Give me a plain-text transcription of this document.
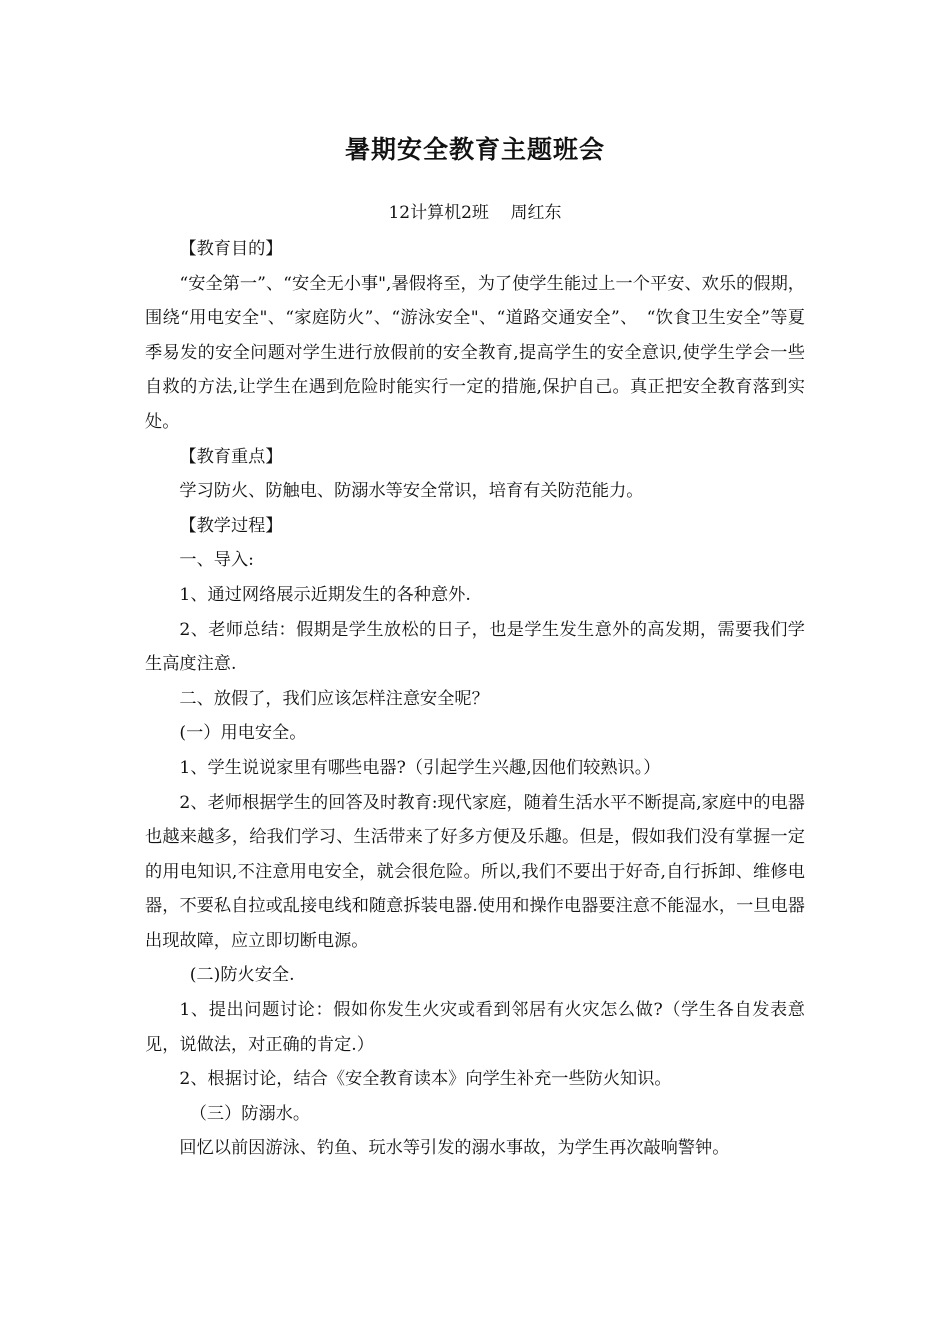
暑期安全教育主题班会
12计算机2班    周红东

【教育目的】

“安全第一”、“安全无小事",暑假将至，为了使学生能过上一个平安、欢乐的假期，围绕“用电安全"、“家庭防火”、“游泳安全"、“道路交通安全”、　“饮食卫生安全”等夏季易发的安全问题对学生进行放假前的安全教育,提高学生的安全意识,使学生学会一些自救的方法,让学生在遇到危险时能实行一定的措施,保护自己。真正把安全教育落到实处。

【教育重点】

学习防火、防触电、防溺水等安全常识，培育有关防范能力。

【教学过程】

一、导入:

1、通过网络展示近期发生的各种意外.

2、老师总结：假期是学生放松的日子，也是学生发生意外的高发期，需要我们学生高度注意.

二、放假了，我们应该怎样注意安全呢？

(一）用电安全。

1、学生说说家里有哪些电器?（引起学生兴趣,因他们较熟识。）

2、老师根据学生的回答及时教育:现代家庭，随着生活水平不断提高,家庭中的电器也越来越多，给我们学习、生活带来了好多方便及乐趣。但是，假如我们没有掌握一定的用电知识,不注意用电安全，就会很危险。所以,我们不要出于好奇,自行拆卸、维修电器，不要私自拉或乱接电线和随意拆装电器.使用和操作电器要注意不能湿水，一旦电器出现故障，应立即切断电源。

(二)防火安全.

1、提出问题讨论：假如你发生火灾或看到邻居有火灾怎么做?（学生各自发表意见，说做法，对正确的肯定.）

2、根据讨论，结合《安全教育读本》向学生补充一些防火知识。

（三）防溺水。

回忆以前因游泳、钓鱼、玩水等引发的溺水事故，为学生再次敲响警钟。
